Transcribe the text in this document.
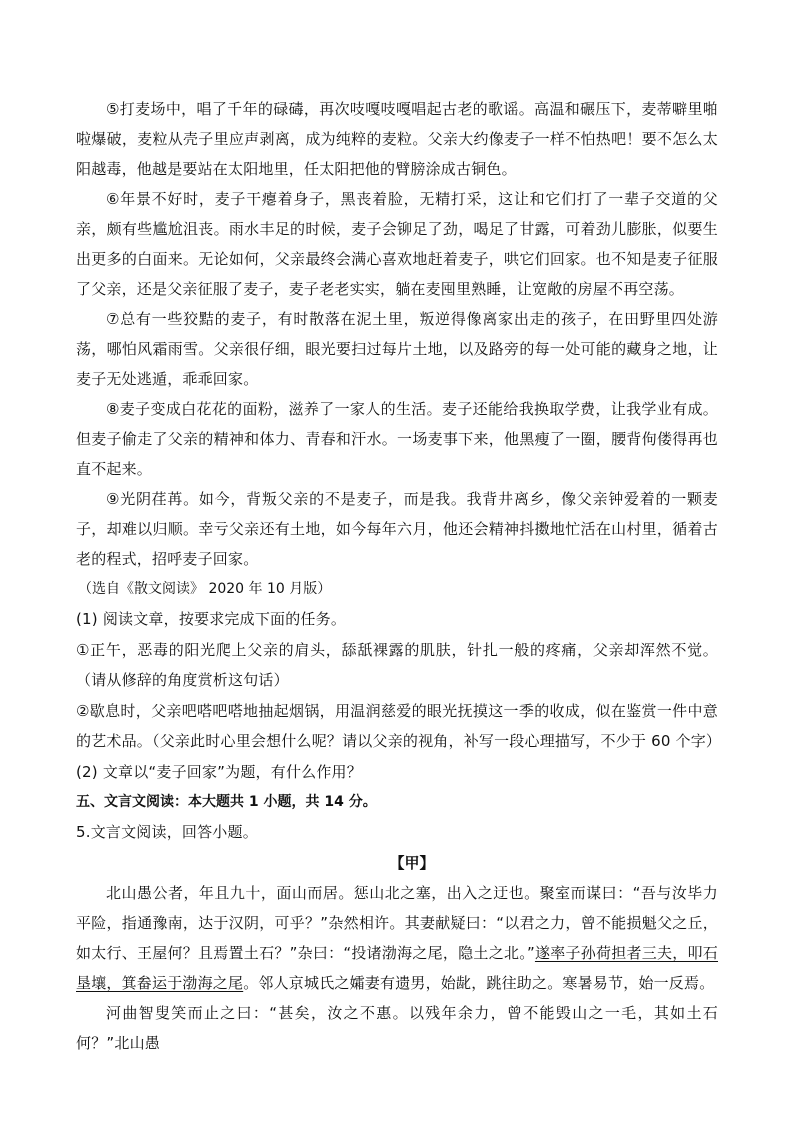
⑤打麦场中，唱了千年的碌碡，再次吱嘎吱嘎唱起古老的歌谣。高温和碾压下，麦蒂噼里啪啦爆破，麦粒从壳子里应声剥离，成为纯粹的麦粒。父亲大约像麦子一样不怕热吧！要不怎么太阳越毒，他越是要站在太阳地里，任太阳把他的臂膀涂成古铜色。

⑥年景不好时，麦子干瘪着身子，黑丧着脸，无精打采，这让和它们打了一辈子交道的父亲，颇有些尴尬沮丧。雨水丰足的时候，麦子会铆足了劲，喝足了甘露，可着劲儿膨胀，似要生出更多的白面来。无论如何，父亲最终会满心喜欢地赶着麦子，哄它们回家。也不知是麦子征服了父亲，还是父亲征服了麦子，麦子老老实实，躺在麦囤里熟睡，让宽敞的房屋不再空荡。

⑦总有一些狡黠的麦子，有时散落在泥土里，叛逆得像离家出走的孩子，在田野里四处游荡，哪怕风霜雨雪。父亲很仔细，眼光要扫过每片土地，以及路旁的每一处可能的藏身之地，让麦子无处逃遁，乖乖回家。

⑧麦子变成白花花的面粉，滋养了一家人的生活。麦子还能给我换取学费，让我学业有成。但麦子偷走了父亲的精神和体力、青春和汗水。一场麦事下来，他黑瘦了一圈，腰背佝偻得再也直不起来。

⑨光阴荏苒。如今，背叛父亲的不是麦子，而是我。我背井离乡，像父亲钟爱着的一颗麦子，却难以归顺。幸亏父亲还有土地，如今每年六月，他还会精神抖擞地忙活在山村里，循着古老的程式，招呼麦子回家。

（选自《散文阅读》 2020 年 10 月版）

(1) 阅读文章，按要求完成下面的任务。

①正午，恶毒的阳光爬上父亲的肩头，舔舐裸露的肌肤，针扎一般的疼痛，父亲却浑然不觉。（请从修辞的角度赏析这句话）

②歇息时，父亲吧嗒吧嗒地抽起烟锅，用温润慈爱的眼光抚摸这一季的收成，似在鉴赏一件中意的艺术品。（父亲此时心里会想什么呢？请以父亲的视角，补写一段心理描写，不少于 60 个字）

(2) 文章以“麦子回家”为题，有什么作用？

五、文言文阅读：本大题共 1 小题，共 14 分。

5.文言文阅读，回答小题。

【甲】

北山愚公者，年且九十，面山而居。惩山北之塞，出入之迂也。聚室而谋曰：“吾与汝毕力平险，指通豫南，达于汉阴，可乎？”杂然相许。其妻献疑曰：“以君之力，曾不能损魁父之丘，如太行、王屋何？且焉置土石？”杂曰：“投诸渤海之尾，隐土之北。”遂率子孙荷担者三夫，叩石垦壤，箕畚运于渤海之尾。邻人京城氏之孀妻有遗男，始龀，跳往助之。寒暑易节，始一反焉。

河曲智叟笑而止之曰：“甚矣，汝之不惠。以残年余力，曾不能毁山之一毛，其如土石何？”北山愚
